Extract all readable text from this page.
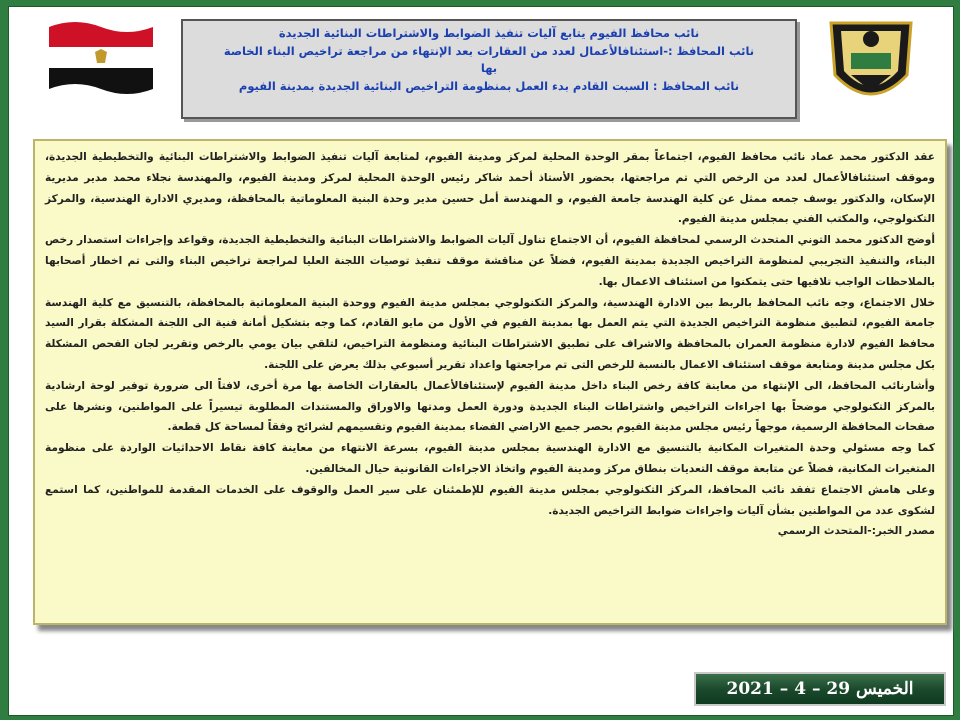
نائب محافظ الفيوم يتابع آليات تنفيذ الضوابط والاشتراطات البنائية الجديدة
نائب المحافظ :-استئنافالأعمال لعدد من العقارات بعد الإنتهاء من مراجعة تراخيص البناء الخاصة
بها
نائب المحافظ : السبت القادم بدء العمل بمنظومة التراخيص البنائية الجديدة بمدينة الفيوم

عقد الدكتور محمد عماد نائب محافظ الفيوم، اجتماعاً بمقر الوحدة المحلية لمركز ومدينة الفيوم، لمتابعة آليات تنفيذ الضوابط والاشتراطات البنائية والتخطيطية الجديدة، وموقف استئنافالأعمال لعدد من الرخص التي تم مراجعتها، بحضور الأستاذ أحمد شاكر رئيس الوحدة المحلية لمركز ومدينة الفيوم، والمهندسة نجلاء محمد مدير مديرية الإسكان، والدكتور يوسف جمعه ممثل عن كلية الهندسة جامعة الفيوم، و المهندسة أمل حسين مدير وحدة البنية المعلوماتية بالمحافظة، ومديري الادارة الهندسية، والمركز التكنولوجي، والمكتب الفني بمجلس مدينة الفيوم.

أوضح الدكتور محمد التوني المتحدث الرسمي لمحافظة الفيوم، أن الاجتماع تناول آليات الضوابط والاشتراطات البنائية والتخطيطية الجديدة، وقواعد وإجراءات استصدار رخص البناء، والتنفيذ التجريبي لمنظومة التراخيص الجديدة بمدينة الفيوم، فضلاً عن مناقشة موقف تنفيذ توصيات اللجنة العليا لمراجعة تراخيص البناء والتى تم اخطار أصحابها بالملاحظات الواجب تلافيها حتى يتمكنوا من استئناف الاعمال بها.

خلال الاجتماع، وجه نائب المحافظ بالربط بين الادارة الهندسية، والمركز التكنولوجي بمجلس مدينة الفيوم ووحدة البنية المعلوماتية بالمحافظة، بالتنسيق مع كلية الهندسة جامعة الفيوم، لتطبيق منظومة التراخيص الجديدة التي يتم العمل بها بمدينة الفيوم في الأول من مايو القادم، كما وجه بتشكيل أمانة فنية الى اللجنة المشكلة بقرار السيد محافظ الفيوم لادارة منظومة العمران بالمحافظة والاشراف على تطبيق الاشتراطات البنائية ومنظومة التراخيص، لتلقي بيان يومي بالرخص وتقرير لجان الفحص المشكلة بكل مجلس مدينة ومتابعة موقف استئناف الاعمال بالنسبة للرخص التى تم مراجعتها واعداد تقرير أسبوعي بذلك يعرض على اللجنة.

وأشارنائب المحافظ، الى الإنتهاء من معاينة كافة رخص البناء داخل مدينة الفيوم لإستئنافالأعمال بالعقارات الخاصة بها مرة أخرى، لافتاً الى ضرورة توفير لوحة ارشادية بالمركز التكنولوجي موضحاً بها اجراءات التراخيص واشتراطات البناء الجديدة ودورة العمل ومدتها والاوراق والمستندات المطلوبة تيسيراً على المواطنين، ونشرها على صفحات المحافظة الرسمية، موجهاً رئيس مجلس مدينة الفيوم بحصر جميع الاراضي الفضاء بمدينة الفيوم وتقسيمهم لشرائح وفقاً لمساحة كل قطعة.

كما وجه مسئولي وحدة المتغيرات المكانية بالتنسيق مع الادارة الهندسية بمجلس مدينة الفيوم، بسرعة الانتهاء من معاينة كافة نقاط الاحداثيات الواردة على منظومة المتغيرات المكانية، فضلاً عن متابعة موقف التعديات بنطاق مركز ومدينة الفيوم واتخاذ الاجراءات القانونية حيال المخالفين.

وعلى هامش الاجتماع تفقد نائب المحافظ، المركز التكنولوجي بمجلس مدينة الفيوم للإطمئنان على سير العمل والوقوف على الخدمات المقدمة للمواطنين، كما استمع لشكوى عدد من المواطنين بشأن آليات واجراءات ضوابط التراخيص الجديدة.

مصدر الخبر:-المتحدث الرسمي

الخميس 29 – 4 – 2021
